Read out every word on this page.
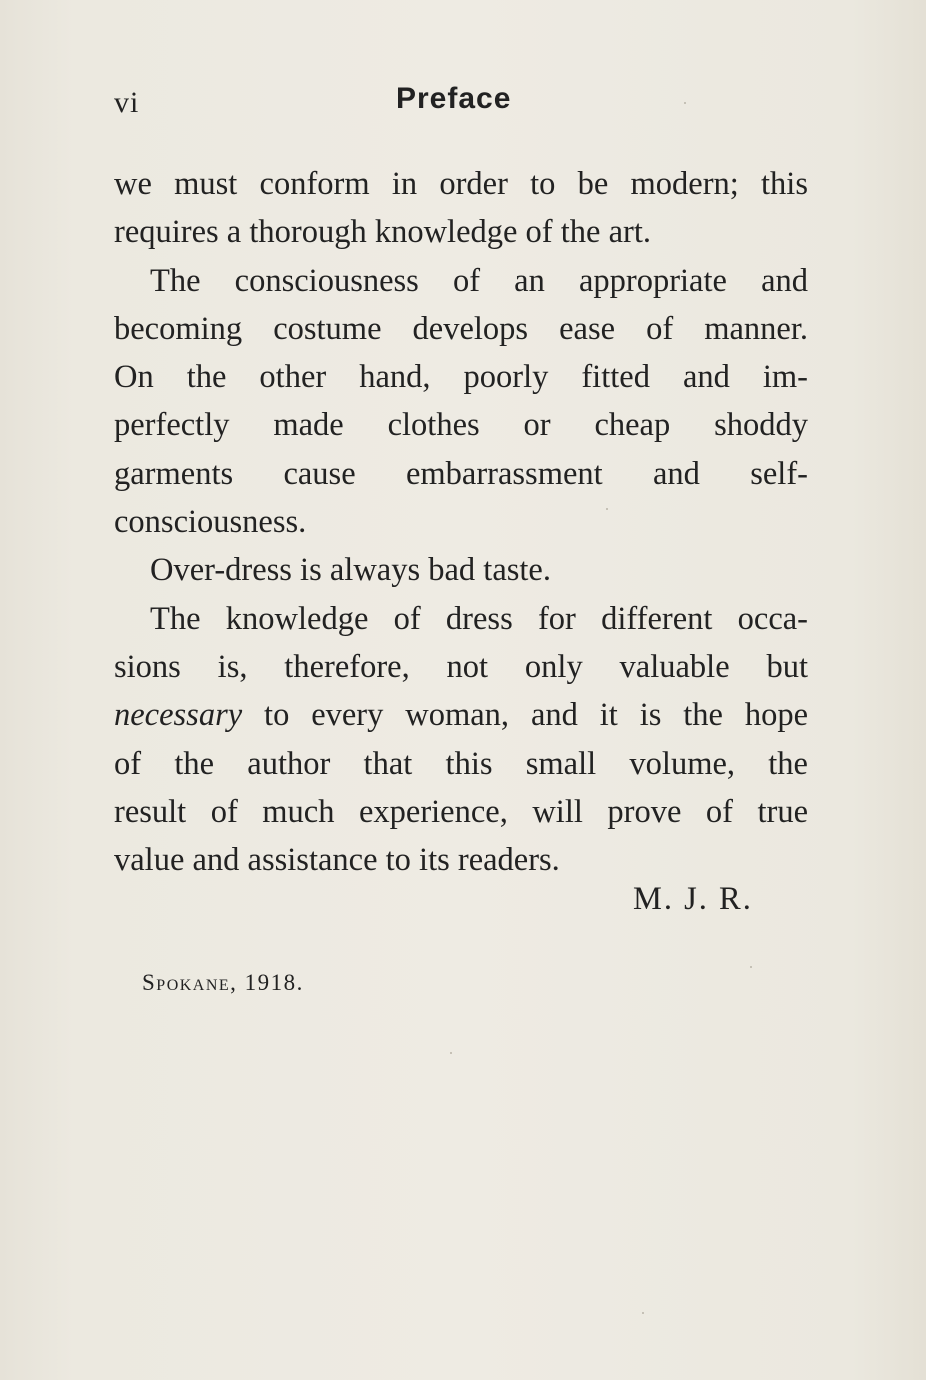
vi	Preface
we must conform in order to be modern; this
requires a thorough knowledge of the art.
The consciousness of an appropriate and
becoming costume develops ease of manner.
On the other hand, poorly fitted and im-
perfectly made clothes or cheap shoddy
garments cause embarrassment and self-
consciousness.
Over-dress is always bad taste.
The knowledge of dress for different occa-
sions is, therefore, not only valuable but
necessary to every woman, and it is the hope
of the author that this small volume, the
result of much experience, will prove of true
value and assistance to its readers.
M. J. R.
Spokane, 1918.
